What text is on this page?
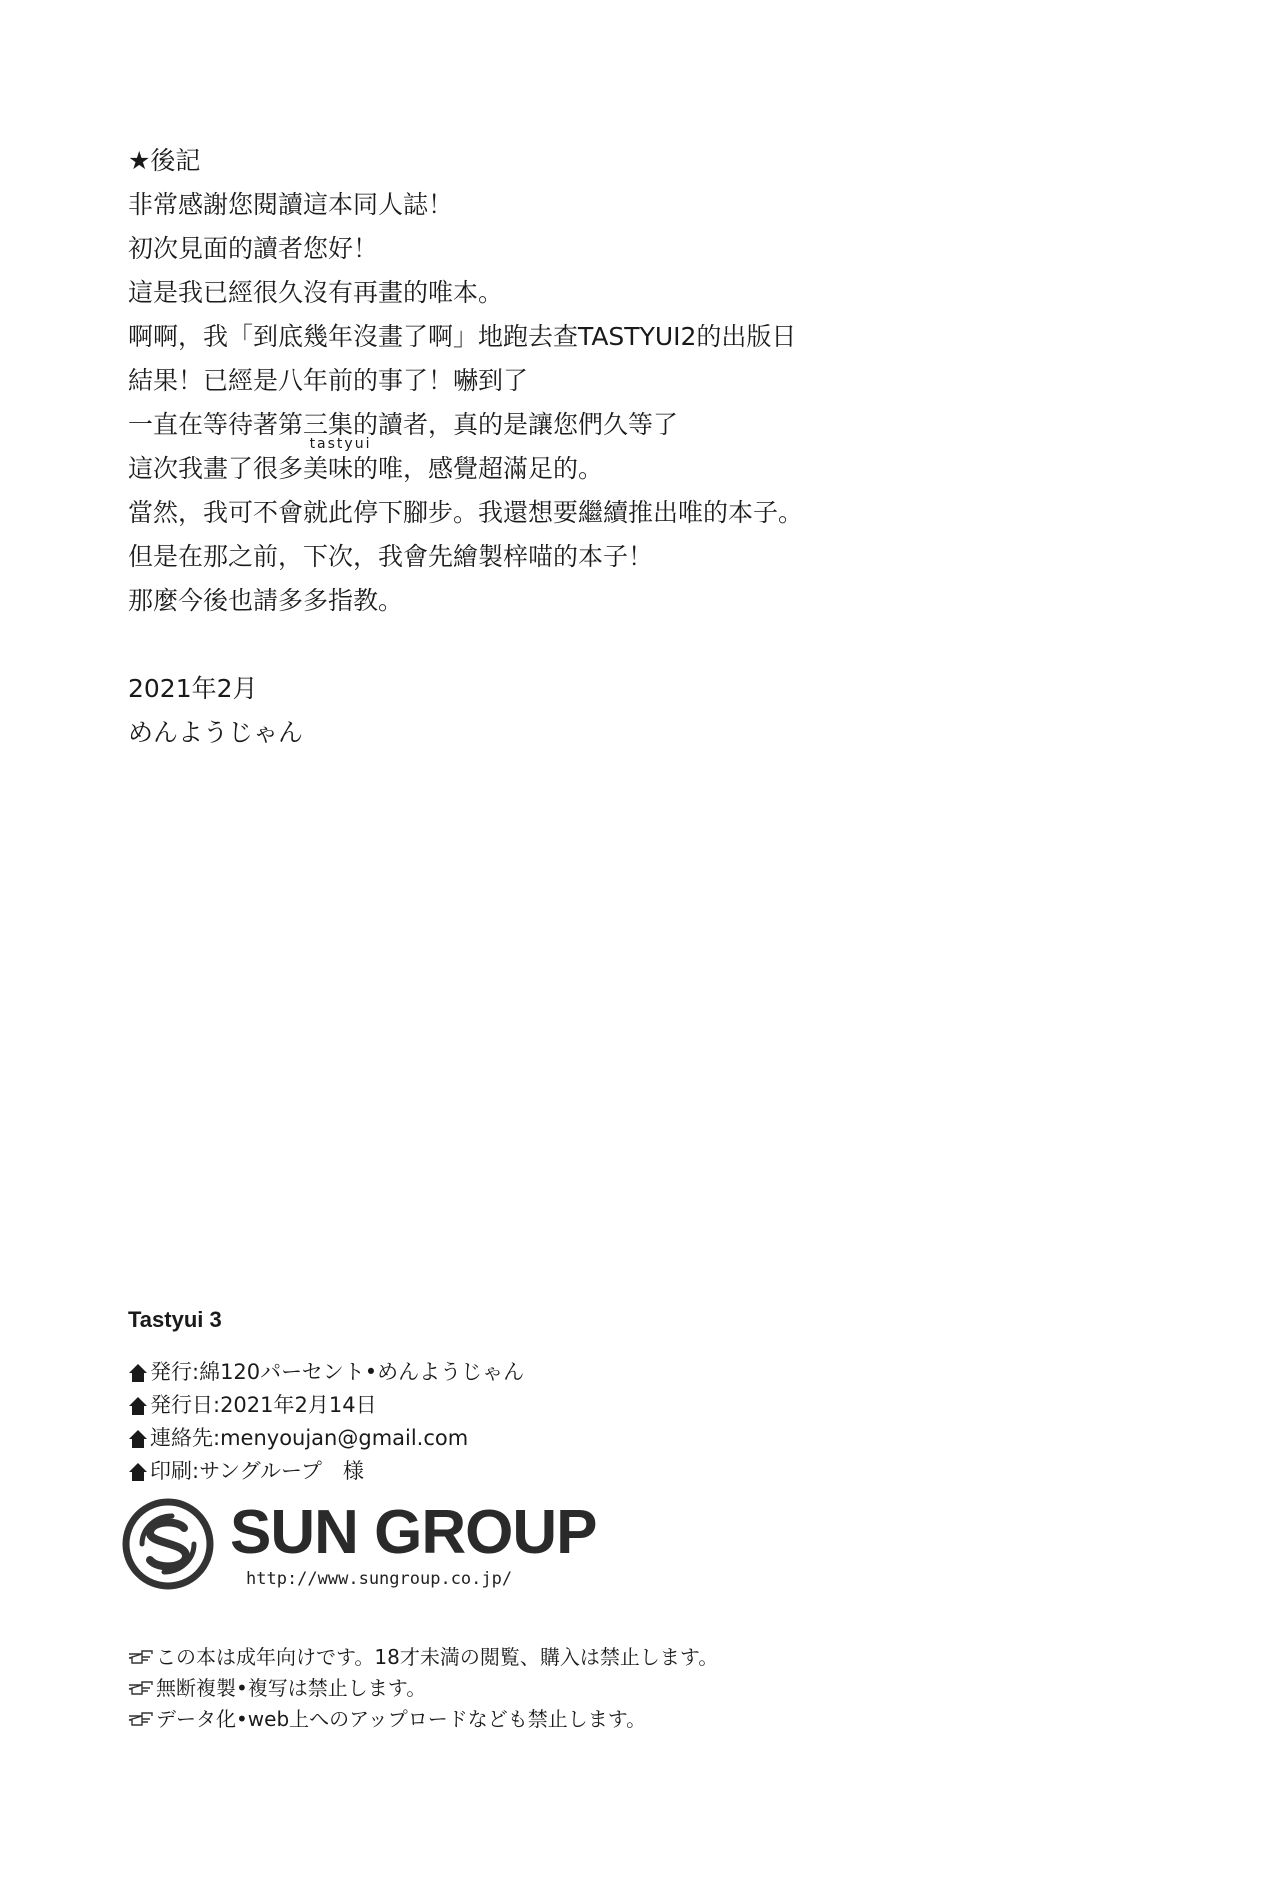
★後記

非常感謝您閱讀這本同人誌！

初次見面的讀者您好！

這是我已經很久沒有再畫的唯本。

啊啊，我「到底幾年沒畫了啊」地跑去查TASTYUI2的出版日

結果！已經是八年前的事了！嚇到了

一直在等待著第三集的讀者，真的是讓您們久等了

這次我畫了很多
tastyui
美味的唯，感覺超滿足的。

當然，我可不會就此停下腳步。我還想要繼續推出唯的本子。

但是在那之前，下次，我會先繪製梓喵的本子！

那麼今後也請多多指教。

2021年2月

めんようじゃん

Tastyui 3

発行:綿120パーセント•めんようじゃん
発行日:2021年2月14日
連絡先:menyoujan@gmail.com
印刷:サングループ　様
SUN GROUP
http://www.sungroup.co.jp/
この本は成年向けです。18才未満の閲覧、購入は禁止します。
無断複製•複写は禁止します。
データ化•web上へのアップロードなども禁止します。
